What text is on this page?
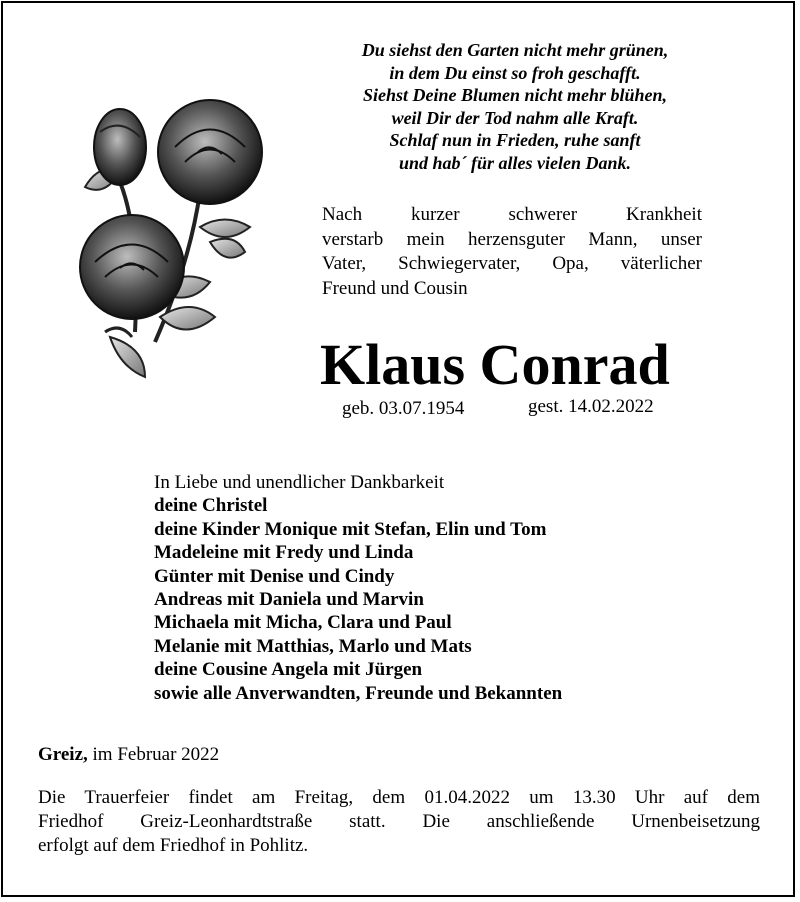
Du siehst den Garten nicht mehr grünen,
in dem Du einst so froh geschafft.
Siehst Deine Blumen nicht mehr blühen,
weil Dir der Tod nahm alle Kraft.
Schlaf nun in Frieden, ruhe sanft
und hab´ für alles vielen Dank.
Nach kurzer schwerer Krankheit
verstarb mein herzensguter Mann, unser
Vater, Schwiegervater, Opa, väterlicher
Freund und Cousin
Klaus Conrad
geb. 03.07.1954	gest. 14.02.2022
In Liebe und unendlicher Dankbarkeit
deine Christel
deine Kinder Monique mit Stefan, Elin und Tom
Madeleine mit Fredy und Linda
Günter mit Denise und Cindy
Andreas mit Daniela und Marvin
Michaela mit Micha, Clara und Paul
Melanie mit Matthias, Marlo und Mats
deine Cousine Angela mit Jürgen
sowie alle Anverwandten, Freunde und Bekannten
Greiz, im Februar 2022
Die Trauerfeier findet am Freitag, dem 01.04.2022 um 13.30 Uhr auf dem
Friedhof Greiz-Leonhardtstraße statt. Die anschließende Urnenbeisetzung
erfolgt auf dem Friedhof in Pohlitz.
